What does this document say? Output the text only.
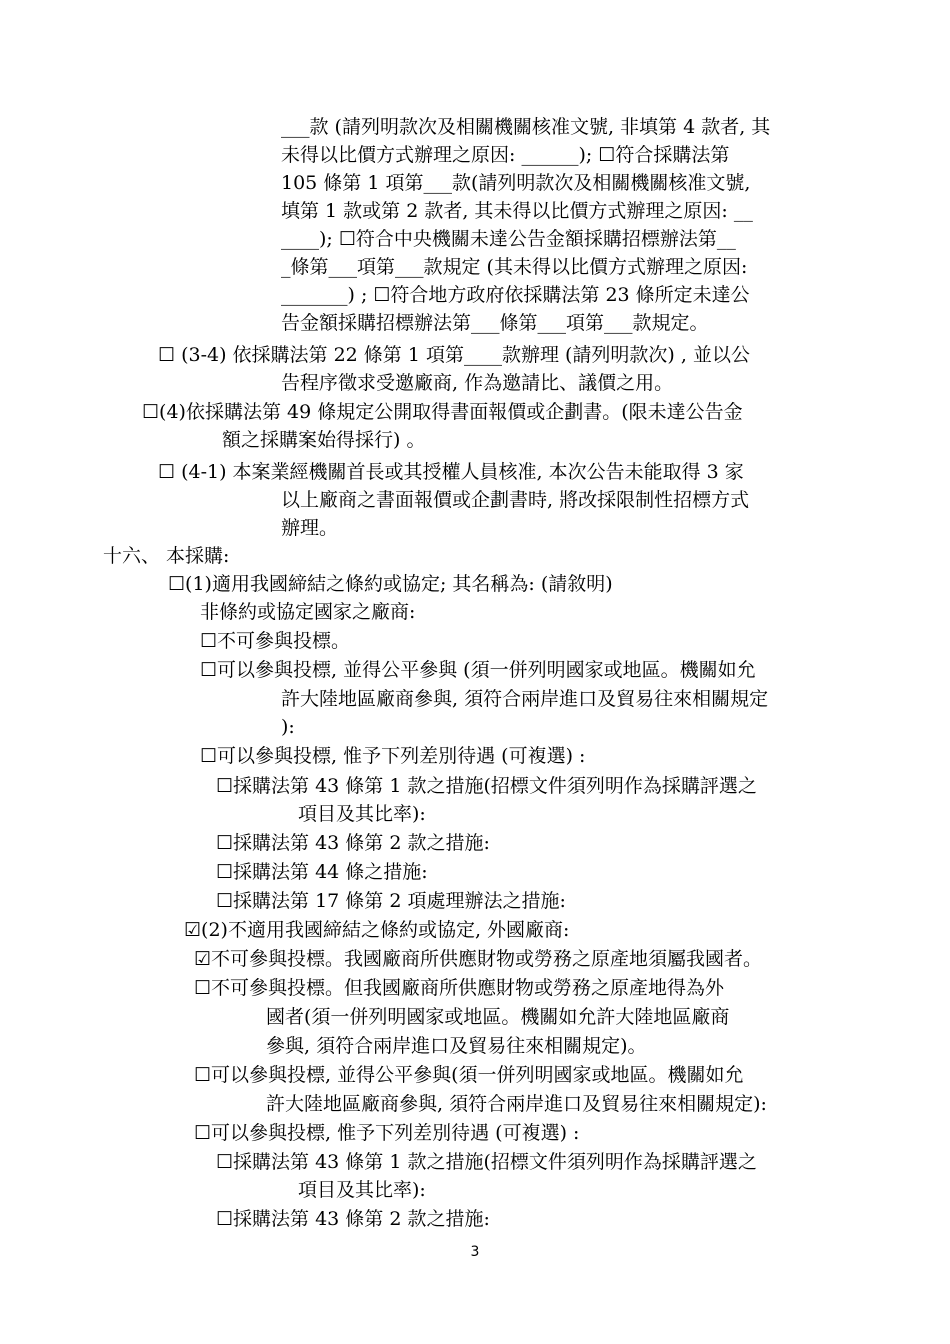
___款 (請列明款次及相關機關核准文號, 非填第 4 款者, 其
未得以比價方式辦理之原因: ______); ☐符合採購法第
105 條第 1 項第___款(請列明款次及相關機關核准文號,
填第 1 款或第 2 款者, 其未得以比價方式辦理之原因: __
____); ☐符合中央機關未達公告金額採購招標辦法第__
_條第___項第___款規定 (其未得以比價方式辦理之原因:
_______) ; ☐符合地方政府依採購法第 23 條所定未達公
告金額採購招標辦法第___條第___項第___款規定。
☐ (3-4) 依採購法第 22 條第 1 項第____款辦理 (請列明款次) , 並以公
告程序徵求受邀廠商, 作為邀請比、議價之用。
☐(4)依採購法第 49 條規定公開取得書面報價或企劃書。(限未達公告金
額之採購案始得採行) 。
☐ (4-1) 本案業經機關首長或其授權人員核准, 本次公告未能取得 3 家
以上廠商之書面報價或企劃書時, 將改採限制性招標方式
辦理。
十六、 本採購:
☐(1)適用我國締結之條約或協定; 其名稱為: (請敘明)
非條約或協定國家之廠商:
☐不可參與投標。
☐可以參與投標, 並得公平參與 (須一併列明國家或地區。機關如允
許大陸地區廠商參與, 須符合兩岸進口及貿易往來相關規定
):
☐可以參與投標, 惟予下列差別待遇 (可複選) :
☐採購法第 43 條第 1 款之措施(招標文件須列明作為採購評選之
項目及其比率):
☐採購法第 43 條第 2 款之措施:
☐採購法第 44 條之措施:
☐採購法第 17 條第 2 項處理辦法之措施:
☑(2)不適用我國締結之條約或協定, 外國廠商:
☑不可參與投標。我國廠商所供應財物或勞務之原產地須屬我國者。
☐不可參與投標。但我國廠商所供應財物或勞務之原產地得為外
國者(須一併列明國家或地區。機關如允許大陸地區廠商
參與, 須符合兩岸進口及貿易往來相關規定)。
☐可以參與投標, 並得公平參與(須一併列明國家或地區。機關如允
許大陸地區廠商參與, 須符合兩岸進口及貿易往來相關規定):
☐可以參與投標, 惟予下列差別待遇 (可複選) :
☐採購法第 43 條第 1 款之措施(招標文件須列明作為採購評選之
項目及其比率):
☐採購法第 43 條第 2 款之措施:
3
